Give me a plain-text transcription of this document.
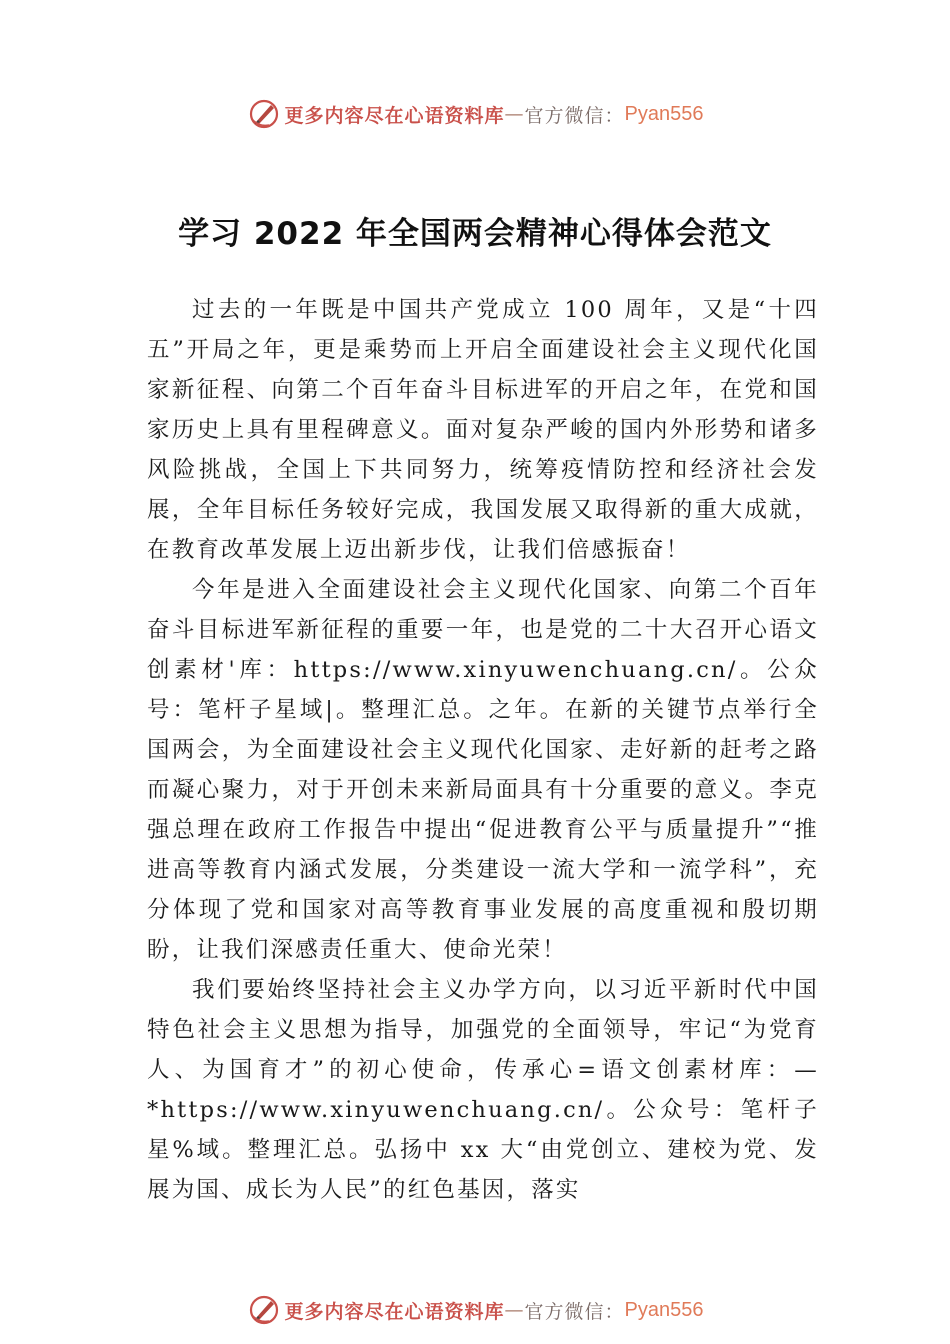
更多内容尽在心语资料库 — 官方微信： Pyan556
学习 2022 年全国两会精神心得体会范文

过去的一年既是中国共产党成立 100 周年，又是“十四五”开局之年，更是乘势而上开启全面建设社会主义现代化国家新征程、向第二个百年奋斗目标进军的开启之年，在党和国家历史上具有里程碑意义。面对复杂严峻的国内外形势和诸多风险挑战，全国上下共同努力，统筹疫情防控和经济社会发展，全年目标任务较好完成，我国发展又取得新的重大成就，在教育改革发展上迈出新步伐，让我们倍感振奋！

今年是进入全面建设社会主义现代化国家、向第二个百年奋斗目标进军新征程的重要一年，也是党的二十大召开心语文创素材'库：https://www.xinyuwenchuang.cn/。公众号：笔杆子星域|。整理汇总。之年。在新的关键节点举行全国两会，为全面建设社会主义现代化国家、走好新的赶考之路而凝心聚力，对于开创未来新局面具有十分重要的意义。李克强总理在政府工作报告中提出“促进教育公平与质量提升”“推进高等教育内涵式发展，分类建设一流大学和一流学科”，充分体现了党和国家对高等教育事业发展的高度重视和殷切期盼，让我们深感责任重大、使命光荣！

我们要始终坚持社会主义办学方向，以习近平新时代中国特色社会主义思想为指导，加强党的全面领导，牢记“为党育人、为国育才”的初心使命，传承心=语文创素材库：—*https://www.xinyuwenchuang.cn/。公众号：笔杆子星%域。整理汇总。弘扬中 xx 大“由党创立、建校为党、发展为国、成长为人民”的红色基因，落实

更多内容尽在心语资料库 — 官方微信： Pyan556
